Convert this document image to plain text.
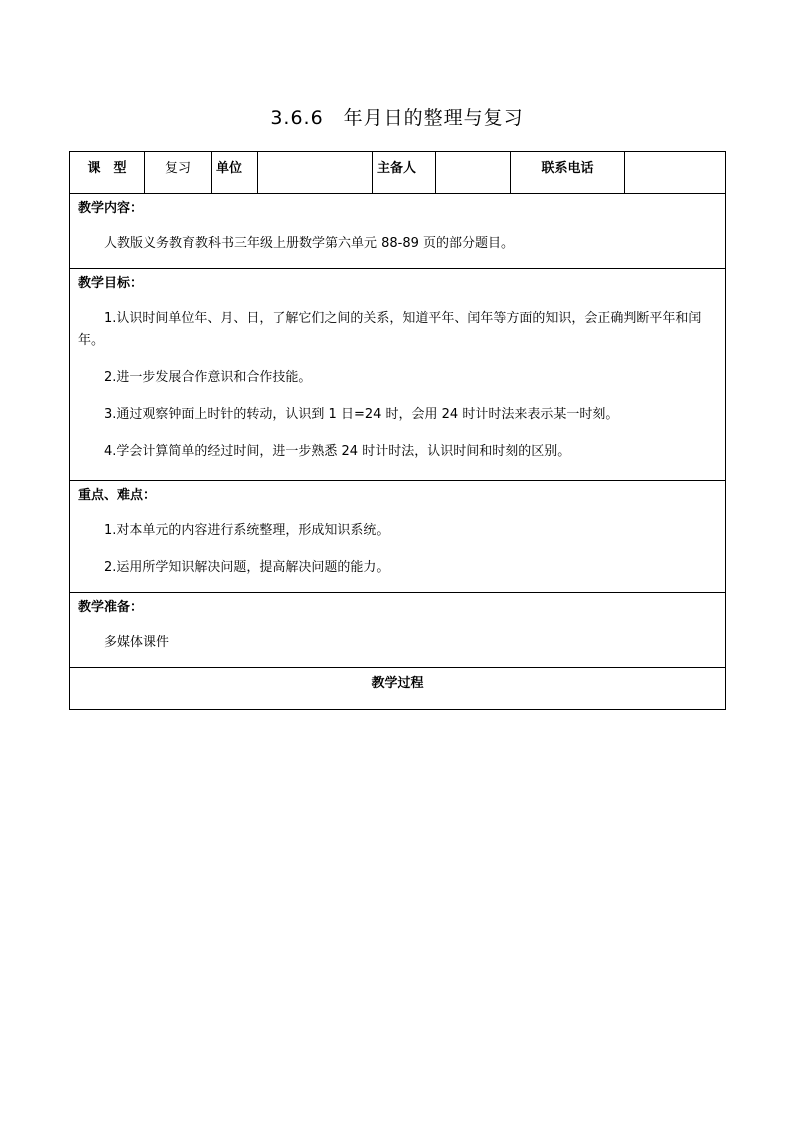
3.6.6　年月日的整理与复习
课　型	复习	单位		主备人		联系电话	

教学内容：

人教版义务教育教科书三年级上册数学第六单元 88-89 页的部分题目。

教学目标：

1.认识时间单位年、月、日，了解它们之间的关系，知道平年、闰年等方面的知识，会正确判断平年和闰年。

2.进一步发展合作意识和合作技能。

3.通过观察钟面上时针的转动，认识到 1 日=24 时，会用 24 时计时法来表示某一时刻。

4.学会计算简单的经过时间，进一步熟悉 24 时计时法，认识时间和时刻的区别。

重点、难点：

1.对本单元的内容进行系统整理，形成知识系统。

2.运用所学知识解决问题，提高解决问题的能力。

教学准备：

多媒体课件

教学过程
